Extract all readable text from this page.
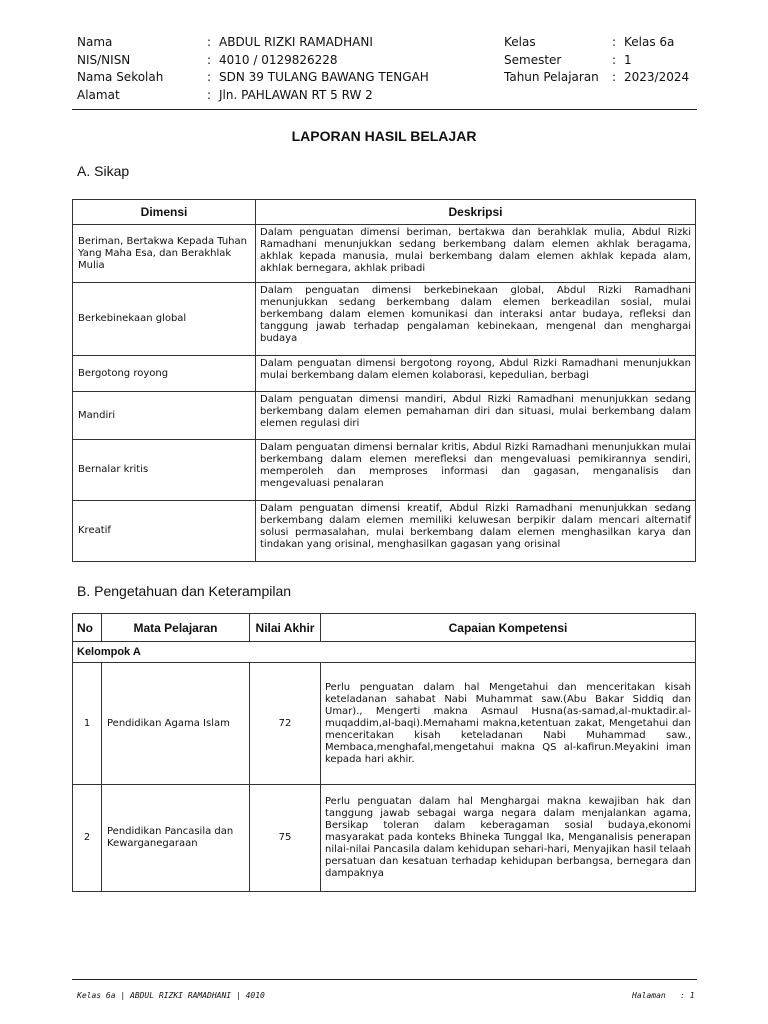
Nama	: ABDUL RIZKI RAMADHANI
NIS/NISN	: 4010 / 0129826228
Nama Sekolah	: SDN 39 TULANG BAWANG TENGAH
Alamat	: Jln. PAHLAWAN RT 5 RW 2
Kelas	: Kelas 6a
Semester	: 1
Tahun Pelajaran	: 2023/2024
LAPORAN HASIL BELAJAR
A. Sikap
Dimensi	Deskripsi
Beriman, Bertakwa Kepada Tuhan Yang Maha Esa, dan Berakhlak Mulia	Dalam penguatan dimensi beriman, bertakwa dan berahklak mulia, Abdul Rizki Ramadhani menunjukkan sedang berkembang dalam elemen akhlak beragama, akhlak kepada manusia, mulai berkembang dalam elemen akhlak kepada alam, akhlak bernegara, akhlak pribadi
Berkebinekaan global	Dalam penguatan dimensi berkebinekaan global, Abdul Rizki Ramadhani menunjukkan sedang berkembang dalam elemen berkeadilan sosial, mulai berkembang dalam elemen komunikasi dan interaksi antar budaya, refleksi dan tanggung jawab terhadap pengalaman kebinekaan, mengenal dan menghargai budaya
Bergotong royong	Dalam penguatan dimensi bergotong royong, Abdul Rizki Ramadhani menunjukkan mulai berkembang dalam elemen kolaborasi, kepedulian, berbagi
Mandiri	Dalam penguatan dimensi mandiri, Abdul Rizki Ramadhani menunjukkan sedang berkembang dalam elemen pemahaman diri dan situasi, mulai berkembang dalam elemen regulasi diri
Bernalar kritis	Dalam penguatan dimensi bernalar kritis, Abdul Rizki Ramadhani menunjukkan mulai berkembang dalam elemen merefleksi dan mengevaluasi pemikirannya sendiri, memperoleh dan memproses informasi dan gagasan, menganalisis dan mengevaluasi penalaran
Kreatif	Dalam penguatan dimensi kreatif, Abdul Rizki Ramadhani menunjukkan sedang berkembang dalam elemen memiliki keluwesan berpikir dalam mencari alternatif solusi permasalahan, mulai berkembang dalam elemen menghasilkan karya dan tindakan yang orisinal, menghasilkan gagasan yang orisinal
B. Pengetahuan dan Keterampilan
No	Mata Pelajaran	Nilai Akhir	Capaian Kompetensi
Kelompok A			
1	Pendidikan Agama Islam	72	Perlu penguatan dalam hal Mengetahui dan menceritakan kisah keteladanan sahabat Nabi Muhammat saw.(Abu Bakar Siddiq dan Umar)., Mengerti makna Asmaul Husna(as-samad,al-muktadir.al-muqaddim,al-baqi).Memahami makna,ketentuan zakat, Mengetahui dan menceritakan kisah keteladanan Nabi Muhammad saw., Membaca,menghafal,mengetahui makna QS al-kafirun.Meyakini iman kepada hari akhir.
2	Pendidikan Pancasila dan Kewarganegaraan	75	Perlu penguatan dalam hal Menghargai makna kewajiban hak dan tanggung jawab sebagai warga negara dalam menjalankan agama, Bersikap toleran dalam keberagaman sosial budaya,ekonomi masyarakat pada konteks Bhineka Tunggal Ika, Menganalisis penerapan nilai-nilai Pancasila dalam kehidupan sehari-hari, Menyajikan hasil telaah persatuan dan kesatuan terhadap kehidupan berbangsa, bernegara dan dampaknya
Kelas 6a | ABDUL RIZKI RAMADHANI | 4010	Halaman   : 1
